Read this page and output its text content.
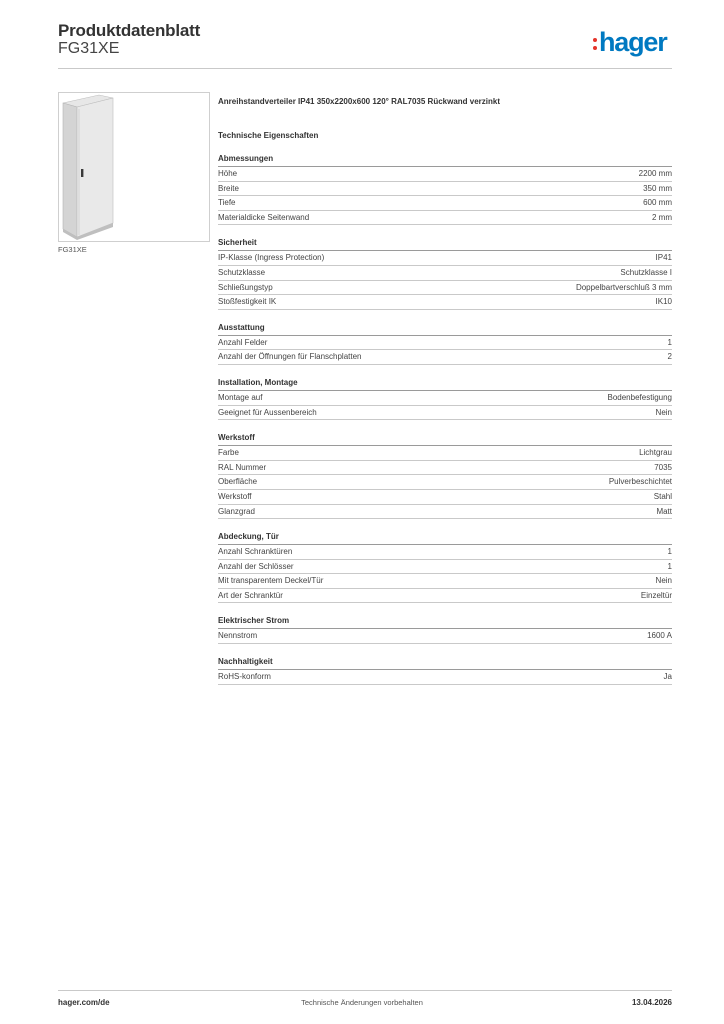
Produktdatenblatt
FG31XE	hager
FG31XE
Anreihstandverteiler IP41 350x2200x600 120° RAL7035 Rückwand verzinkt
Technische Eigenschaften
Abmessungen
Höhe	2200 mm
Breite	350 mm
Tiefe	600 mm
Materialdicke Seitenwand	2 mm
Sicherheit
IP-Klasse (Ingress Protection)	IP41
Schutzklasse	Schutzklasse I
Schließungstyp	Doppelbartverschluß 3 mm
Stoßfestigkeit IK	IK10
Ausstattung
Anzahl Felder	1
Anzahl der Öffnungen für Flanschplatten	2
Installation, Montage
Montage auf	Bodenbefestigung
Geeignet für Aussenbereich	Nein
Werkstoff
Farbe	Lichtgrau
RAL Nummer	7035
Oberfläche	Pulverbeschichtet
Werkstoff	Stahl
Glanzgrad	Matt
Abdeckung, Tür
Anzahl Schranktüren	1
Anzahl der Schlösser	1
Mit transparentem Deckel/Tür	Nein
Art der Schranktür	Einzeltür
Elektrischer Strom
Nennstrom	1600 A
Nachhaltigkeit
RoHS-konform	Ja
hager.com/de	Technische Änderungen vorbehalten	13.04.2026
